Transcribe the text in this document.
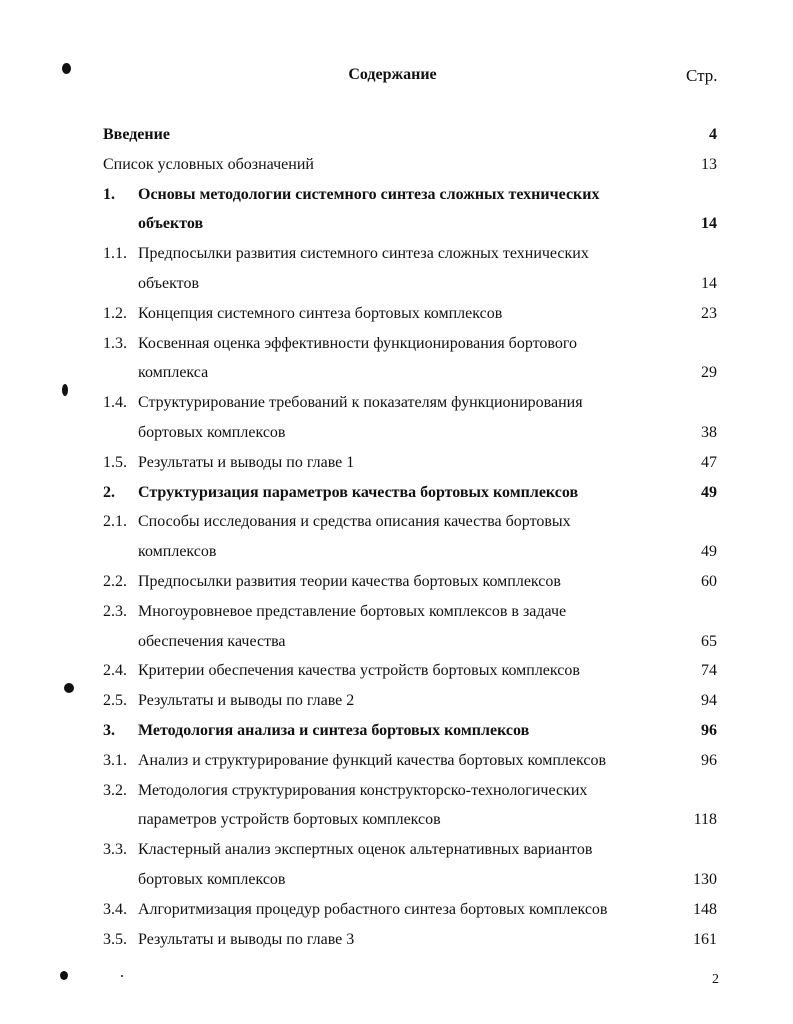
Содержание	Стр.
Введение	4
Список условных обозначений	13
1. Основы методологии системного синтеза сложных технических
объектов	14
1.1. Предпосылки развития системного синтеза сложных технических
объектов	14
1.2. Концепция системного синтеза бортовых комплексов	23
1.3. Косвенная оценка эффективности функционирования бортового
комплекса	29
1.4. Структурирование требований к показателям функционирования
бортовых комплексов	38
1.5. Результаты и выводы по главе 1	47
2. Структуризация параметров качества бортовых комплексов	49
2.1. Способы исследования и средства описания качества бортовых
комплексов	49
2.2. Предпосылки развития теории качества бортовых комплексов	60
2.3. Многоуровневое представление бортовых комплексов в задаче
обеспечения качества	65
2.4. Критерии обеспечения качества устройств бортовых комплексов	74
2.5. Результаты и выводы по главе 2	94
3. Методология анализа и синтеза бортовых комплексов	96
3.1. Анализ и структурирование функций качества бортовых комплексов	96
3.2. Методология структурирования конструкторско-технологических
параметров устройств бортовых комплексов	118
3.3. Кластерный анализ экспертных оценок альтернативных вариантов
бортовых комплексов	130
3.4. Алгоритмизация процедур робастного синтеза бортовых комплексов	148
3.5. Результаты и выводы по главе 3	161
2
